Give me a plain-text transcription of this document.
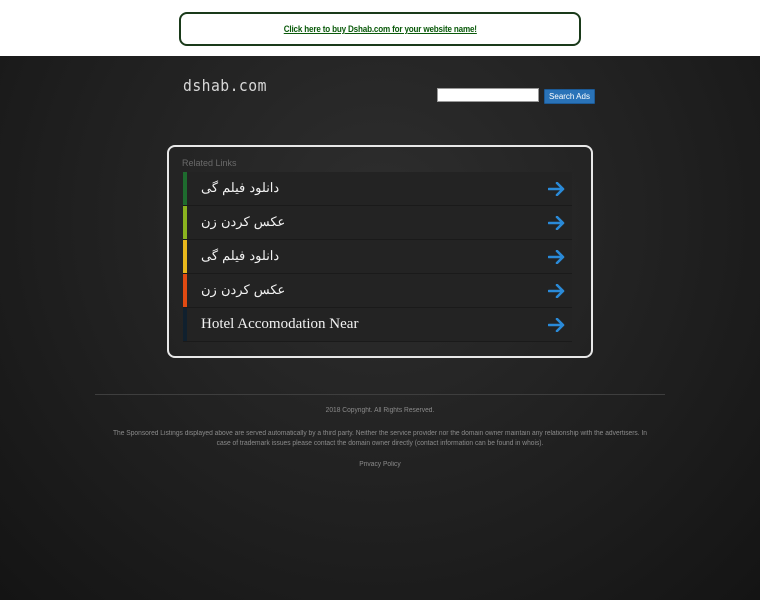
Click here to buy Dshab.com for your website name!
dshab.com
Search Ads
Related Links
دانلود فیلم گی
عکس کردن زن
دانلود فیلم گی
عکس کردن زن
Hotel Accomodation Near
2018 Copyright. All Rights Reserved.
The Sponsored Listings displayed above are served automatically by a third party. Neither the service provider nor the domain owner maintain any relationship with the advertisers. In case of trademark issues please contact the domain owner directly (contact information can be found in whois).
Privacy Policy
